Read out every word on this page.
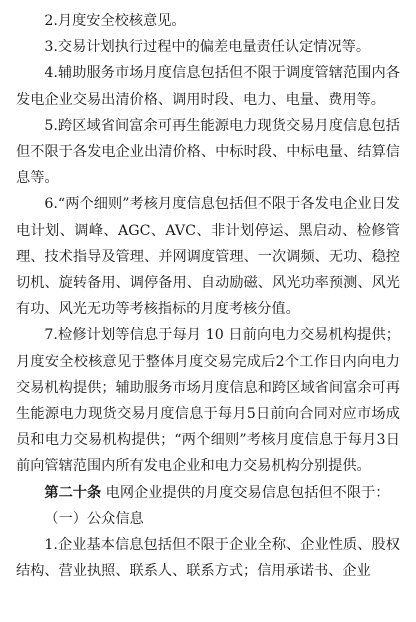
2.月度安全校核意见。

3.交易计划执行过程中的偏差电量责任认定情况等。

4.辅助服务市场月度信息包括但不限于调度管辖范围内各发电企业交易出清价格、调用时段、电力、电量、费用等。

5.跨区域省间富余可再生能源电力现货交易月度信息包括但不限于各发电企业出清价格、中标时段、中标电量、结算信息等。

6.“两个细则”考核月度信息包括但不限于各发电企业日发电计划、调峰、AGC、AVC、非计划停运、黑启动、检修管理、技术指导及管理、并网调度管理、一次调频、无功、稳控切机、旋转备用、调停备用、自动励磁、风光功率预测、风光有功、风光无功等考核指标的月度考核分值。

7.检修计划等信息于每月 10 日前向电力交易机构提供；月度安全校核意见于整体月度交易完成后2个工作日内向电力交易机构提供；辅助服务市场月度信息和跨区域省间富余可再生能源电力现货交易月度信息于每月5日前向合同对应市场成员和电力交易机构提供；“两个细则”考核月度信息于每月3日前向管辖范围内所有发电企业和电力交易机构分别提供。

第二十条 电网企业提供的月度交易信息包括但不限于：

（一）公众信息

1.企业基本信息包括但不限于企业全称、企业性质、股权结构、营业执照、联系人、联系方式；信用承诺书、企业
